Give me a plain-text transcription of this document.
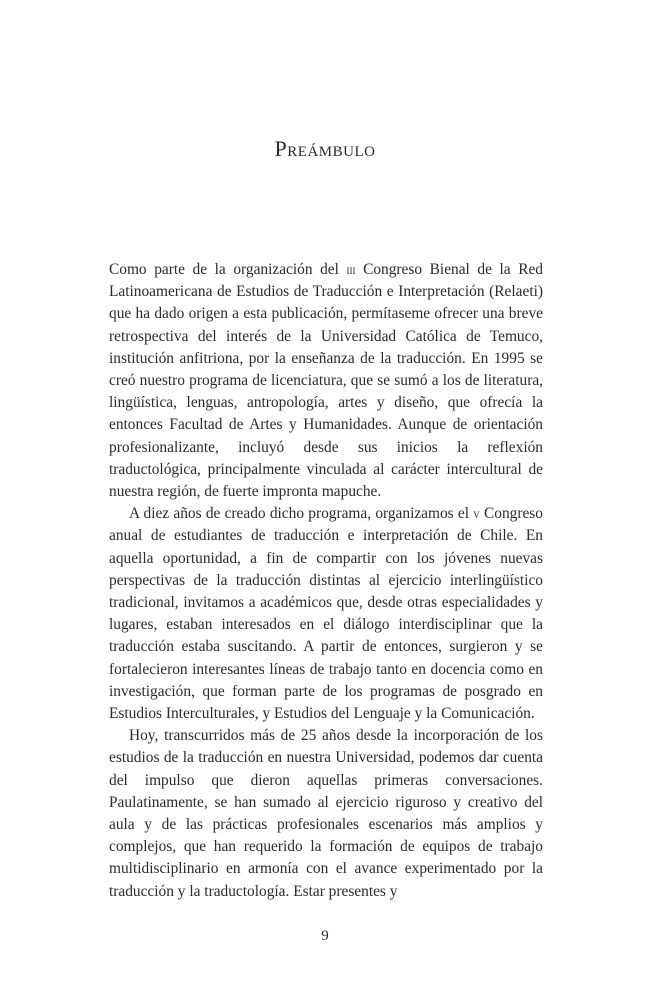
Preámbulo

Como parte de la organización del iii Congreso Bienal de la Red Latinoamericana de Estudios de Traducción e Interpretación (Relaeti) que ha dado origen a esta publicación, permítaseme ofrecer una breve retrospectiva del interés de la Universidad Católica de Temuco, institución anfitriona, por la enseñanza de la traducción. En 1995 se creó nuestro programa de licenciatura, que se sumó a los de literatura, lingüística, lenguas, antropología, artes y diseño, que ofrecía la entonces Facultad de Artes y Humanidades. Aunque de orientación profesionalizante, incluyó desde sus inicios la reflexión traductológica, principalmente vinculada al carácter intercultural de nuestra región, de fuerte impronta mapuche.

A diez años de creado dicho programa, organizamos el v Congreso anual de estudiantes de traducción e interpretación de Chile. En aquella oportunidad, a fin de compartir con los jóvenes nuevas perspectivas de la traducción distintas al ejercicio interlingüístico tradicional, invitamos a académicos que, desde otras especialidades y lugares, estaban interesados en el diálogo interdisciplinar que la traducción estaba suscitando. A partir de entonces, surgieron y se fortalecieron interesantes líneas de trabajo tanto en docencia como en investigación, que forman parte de los programas de posgrado en Estudios Interculturales, y Estudios del Lenguaje y la Comunicación.

Hoy, transcurridos más de 25 años desde la incorporación de los estudios de la traducción en nuestra Universidad, podemos dar cuenta del impulso que dieron aquellas primeras conversaciones. Paulatinamente, se han sumado al ejercicio riguroso y creativo del aula y de las prácticas profesionales escenarios más amplios y complejos, que han requerido la formación de equipos de trabajo multidisciplinario en armonía con el avance experimentado por la traducción y la traductología. Estar presentes y

9
